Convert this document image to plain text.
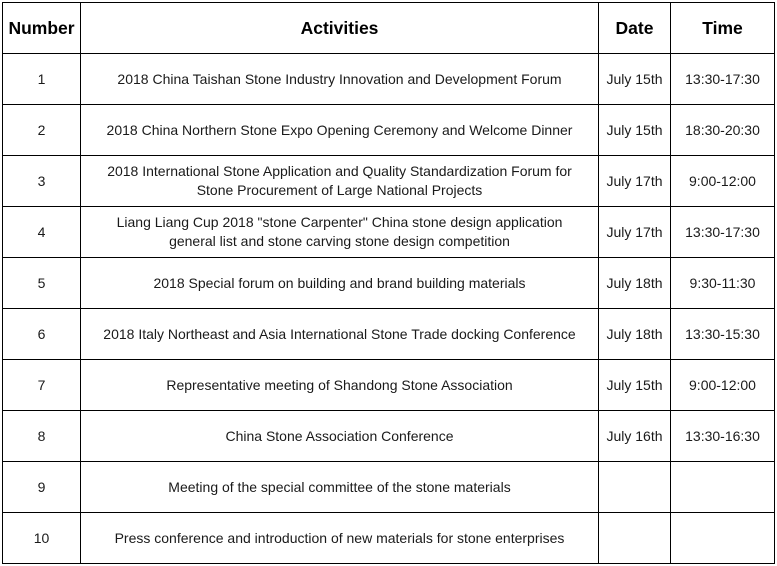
Number	Activities	Date	Time
1	2018 China Taishan Stone Industry Innovation and Development Forum	July 15th	13:30-17:30
2	2018 China Northern Stone Expo Opening Ceremony and Welcome Dinner	July 15th	18:30-20:30
3	2018 International Stone Application and Quality Standardization Forum for
Stone Procurement of Large National Projects	July 17th	9:00-12:00
4	Liang Liang Cup 2018 "stone Carpenter" China stone design application
general list and stone carving stone design competition	July 17th	13:30-17:30
5	2018 Special forum on building and brand building materials	July 18th	9:30-11:30
6	2018 Italy Northeast and Asia International Stone Trade docking Conference	July 18th	13:30-15:30
7	Representative meeting of Shandong Stone Association	July 15th	9:00-12:00
8	China Stone Association Conference	July 16th	13:30-16:30
9	Meeting of the special committee of the stone materials		
10	Press conference and introduction of new materials for stone enterprises		
